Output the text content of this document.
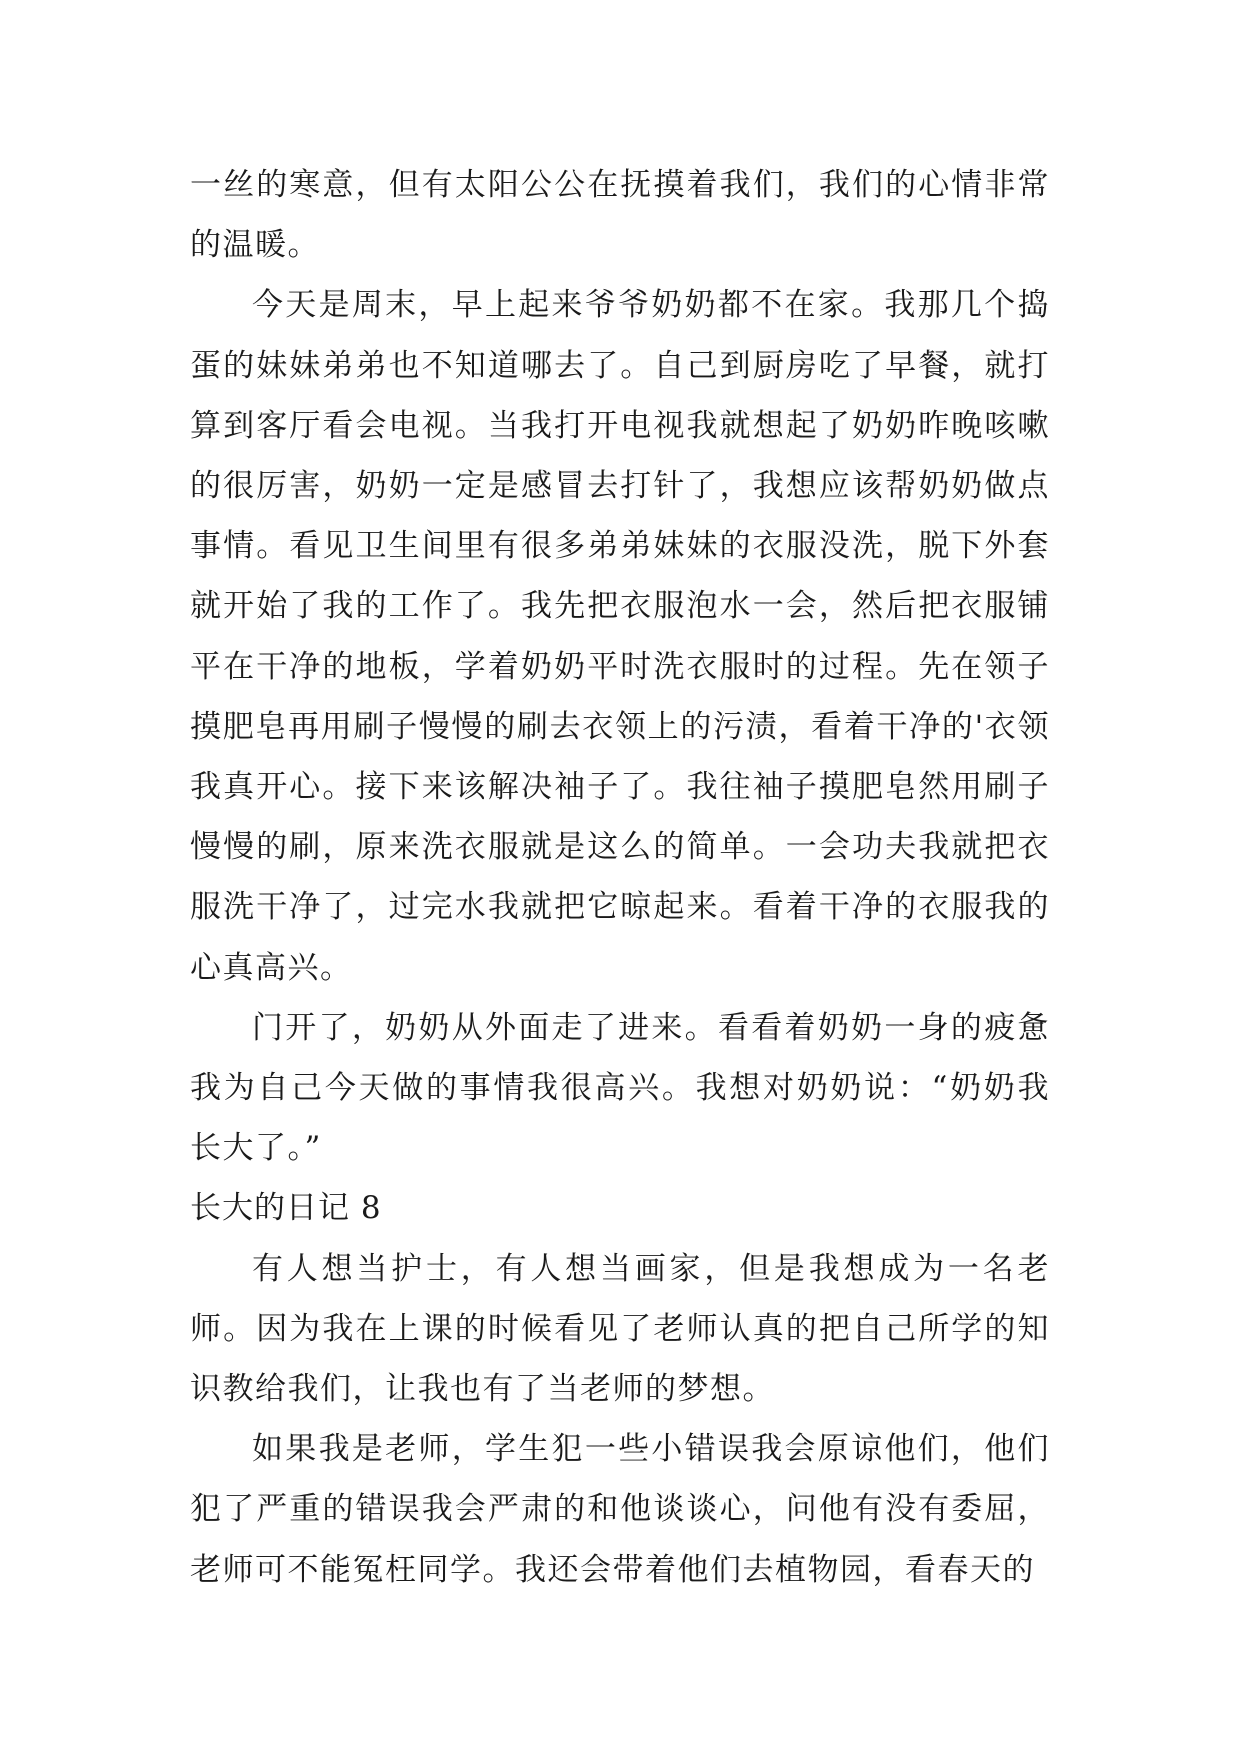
一丝的寒意，但有太阳公公在抚摸着我们，我们的心情非常的温暖。

今天是周末，早上起来爷爷奶奶都不在家。我那几个捣蛋的妹妹弟弟也不知道哪去了。自己到厨房吃了早餐，就打算到客厅看会电视。当我打开电视我就想起了奶奶昨晚咳嗽的很厉害，奶奶一定是感冒去打针了，我想应该帮奶奶做点事情。看见卫生间里有很多弟弟妹妹的衣服没洗，脱下外套就开始了我的工作了。我先把衣服泡水一会，然后把衣服铺平在干净的地板，学着奶奶平时洗衣服时的过程。先在领子摸肥皂再用刷子慢慢的刷去衣领上的污渍，看着干净的'衣领我真开心。接下来该解决袖子了。我往袖子摸肥皂然用刷子慢慢的刷，原来洗衣服就是这么的简单。一会功夫我就把衣服洗干净了，过完水我就把它晾起来。看着干净的衣服我的心真高兴。

门开了，奶奶从外面走了进来。看看着奶奶一身的疲惫我为自己今天做的事情我很高兴。我想对奶奶说：“奶奶我长大了。”

长大的日记 8

有人想当护士，有人想当画家，但是我想成为一名老师。因为我在上课的时候看见了老师认真的把自己所学的知识教给我们，让我也有了当老师的梦想。

如果我是老师，学生犯一些小错误我会原谅他们，他们犯了严重的错误我会严肃的和他谈谈心，问他有没有委屈，老师可不能冤枉同学。我还会带着他们去植物园，看春天的
